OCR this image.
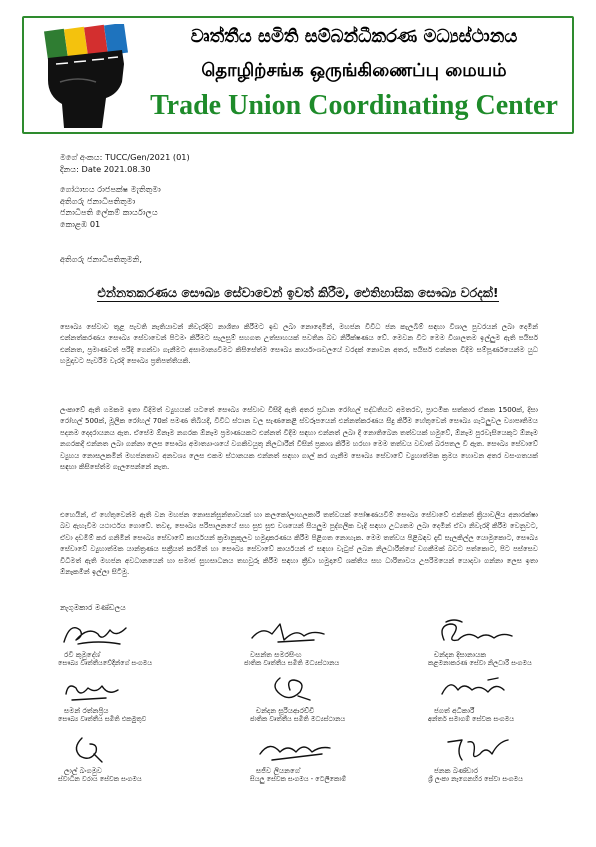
වෘත්තීය සමිති සම්බන්ධීකරණ මධ්‍යස්ථානය
தொழிற்சங்க ஒருங்கிணைப்பு மையம்
Trade Union Coordinating Center
මගේ අංකය: TUCC/Gen/2021 (01)
දිනය: Date 2021.08.30
ගෝඨාභය රාජපක්ෂ මැතිතුමා
අතිගරු ජනාධිපතිතුමා
ජනාධිපති ලේකම් කාර්යාලය
කොළඹ 01
අතිගරු ජනාධිපතිතුමනි,
එන්නතකරණය සෞඛ්‍ය සේවාවෙන් ඉවත් කිරීම, ඓතිහාසික සෞඛ්‍ය වරදක්!

සෞඛ්‍ය සේවාව තුළ පැවති නැතියාවන් නිවැරදිව නාශිතා කිරීමට ඉඩ ලබා නොදෙමින්, මහජන විවිධ ජන කැලබීම් සඳහා විශාල පුවරයන් ලබා දෙමින් එන්නත්කරණය සෞඛ්‍ය සේවාවෙන් පිටමං කිරීමට සැලසුම් සහගත උත්සාහයක් පවතින බව නිරීක්ෂණය වේ. මෙවන විට මෙම විශාලතම ඉල්ලුම ඇති පයිසර් එන්නත, ප්‍රමාණවත් පරිදි ගෙන්වා ගැනීමට අසාමාන්‍යවීමට කිසිසේත්ම සෞඛ්‍ය කාර්යාංශවලයේ වරදක් නොවන අතර, පයිසර් එන්නත විදීම සම්පූර්ණයෙන්ම යුධ හමුදාවට පැවරීම වැරදි සෞඛ්‍ය ප්‍රතිපත්තියකි.

ලංකාවේ ඇති ගමකම ඉතා විදිමත් ව්‍යුහයක් යටතේ සෞඛ්‍ය සේවාව විසිදී ඇති අතර ප්‍රධාන රෝහල් පද්ධතියට අමතරව, ප්‍රාථමික සත්කාර ඒකක 1500ක්, දිසා රෝහල් 500ක්, මූලික රෝහල් 70ක් පමණ තිබියදී, විවිධ ස්ථාන වල සැණකෙළි ස්වරූපයෙන් එන්නත්කරණය සිදු කිරීම හේතුවෙන් සෞඛ්‍ය ගැටලුවල ව්‍යාපෘතිමය පදනම දෙදරායනය ඇත. ඒසේම ඕනෑම නගරක ඕනෑම ප්‍රමාණයකට එන්නත් විදීම සඳහා එන්නත් ලබා දී නොතිබෙන තත්වයක් හමුවේ, ඕනෑම පුරවැසියෙකුට ඕනෑම නගරකදී එන්නත ලබා ගන්නා ලෙස සෞඛ්‍ය අමාත්‍යාංශයේ වගකිවයුතු නිලධාරීන් විසින් ප්‍රකාශ කිරීම හරහා මෙම තත්වය වඩාත් බරපතල වී ඇත. සෞඛ්‍ය සේවාවේ ව්‍යුහය නොසලකමින් මහජනතාව අනවශ්‍ය ලෙස එකම ස්ථානයක එන්නත් සඳහා ගාල් කර ගැනීම සෞඛ්‍ය සේවාවේ ව්‍යුහාත්මක ක්‍රමය හොවන අතර වසංගතයක් සඳහා කිසිසේත්ම ගැලපෙන්නේ නැත.

එහෙයින්, ඒ හේතුවෙන්ම ඇති වන මහජන නොසන්සුන්තාවයක් හා කලකෝලාහලකාරී තත්වයක් පෝෂණයවීම් සෞඛ්‍ය සේවාවේ එන්නත් ක්‍රියාවලිය අනාරක්ෂා බව ඇහැවීම යථාර්ථය ගොවේ. තවද, සෞඛ්‍ය පරිපාලනයේ සහ සුළු සුළු වශයෙන් සියලුම පුද්ගලික වැදි සඳහා උධ්‍යතම ලබා දෙමින් ඒවා නිවැරදි කිරීම වෙනුවට, ඒවා දඩමීම් කර ගනිමින් සෞඛ්‍ය සේවාවේ කාර්යයන් ක්‍රමානුකූලව හමුදාකරණය කිරීම පිළිගත නොහැක. මෙම තත්වය පිළිබඳව දැඩි සැලකිල්ල යොමුකොට, සෞඛ්‍ය සේවාවේ ව්‍යුහාත්මක යාන්ත්‍රණය සක්‍රීයත් කරමින් හා සෞඛ්‍ය සේවාවේ කාර්යයන් ඒ සඳහා වැටුප් ලබන නිලධාරීන්ගේ වගකීමක් බවට පත්කොට, පිට පස්සෙව විධිමත් ඇති මහජන අවධානයෙන් හා සමාජ සුහසාධනය තහවුරු කිරීම සඳහා ක්‍රීඩා හමුදාවේ ශක්තිය සහ ධාරිතාවය උපරිමයෙන් යොදවා ගන්නා ලෙස ඉතා ඕනෑකමින් ඉල්ලා සිටිමු.

නැගුමකාර මණ්ඩලය
රවී කුමුදේශ්
සෞඛ්‍ය වෘත්තීයවේදීන්ගේ සංගමය
වසන්ත සමරසිංහ
ජාතික වෘත්තීය සමිති මධ්‍යස්ථානය
චන්දන දිසානායක
කළමනාකරණ සේවා නිලධාරී සංගමය
සමන් රත්නප්‍රිය
සෞඛ්‍ය වෘත්තීය සමිති එකමුතුව
චන්දන සූරියආරච්චි
ජාතික වෘත්තීය සමිති මධ්‍යස්ථානය
ජගත් අධිකාරී
අන්තර් සමාගම් සේවක සංගමය
ලාල් බංගමුව
ස්වාධීන වරාය සේවක සංගමය
සජිව ලියනගේ
සියලු සේවක සංගමය - ටෙලිකොම්
ජනක බණ්ඩාර
ශ්‍රී ලංකා නැගෙනහිර සේවා සංගමය
